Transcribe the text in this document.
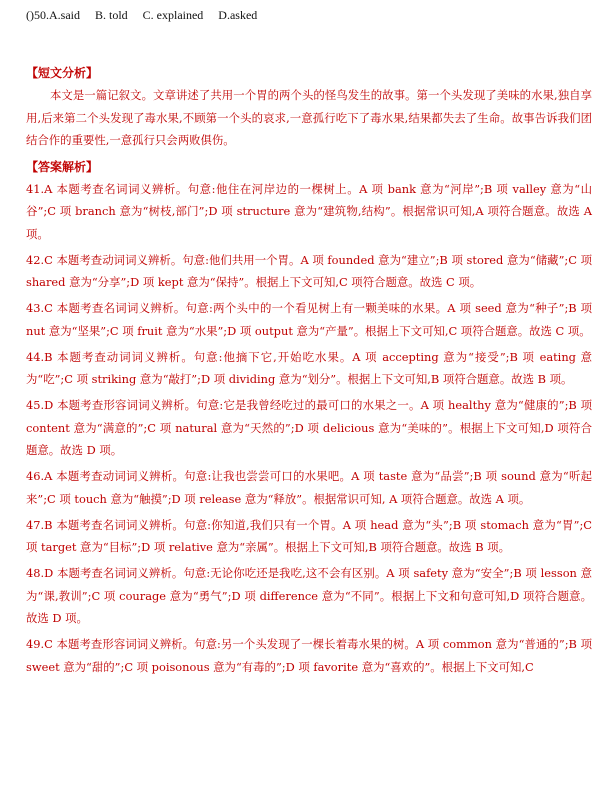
()50.A.said     B. told     C. explained     D.asked
【短文分析】

本文是一篇记叙文。文章讲述了共用一个胃的两个头的怪鸟发生的故事。第一个头发现了美味的水果,独自享用,后来第二个头发现了毒水果,不顾第一个头的哀求,一意孤行吃下了毒水果,结果都失去了生命。故事告诉我们团结合作的重要性,一意孤行只会两败俱伤。

【答案解析】

41.A 本题考查名词词义辨析。句意:他住在河岸边的一棵树上。A 项 bank 意为“河岸”;B 项 valley 意为“山谷”;C 项 branch 意为“树枝,部门”;D 项 structure 意为“建筑物,结构”。根据常识可知,A 项符合题意。故选 A 项。

42.C 本题考查动词词义辨析。句意:他们共用一个胃。A 项 founded 意为“建立”;B 项 stored 意为“储藏”;C 项 shared 意为“分享”;D 项 kept 意为“保持”。根据上下文可知,C 项符合题意。故选 C 项。

43.C 本题考查名词词义辨析。句意:两个头中的一个看见树上有一颗美味的水果。A 项 seed 意为“种子”;B 项 nut 意为“坚果”;C 项 fruit 意为“水果”;D 项 output 意为“产量”。根据上下文可知,C 项符合题意。故选 C 项。

44.B 本题考查动词词义辨析。句意:他摘下它,开始吃水果。A 项 accepting 意为“接受”;B 项 eating 意为“吃”;C 项 striking 意为“敲打”;D 项 dividing 意为“划分”。根据上下文可知,B 项符合题意。故选 B 项。

45.D 本题考查形容词词义辨析。句意:它是我曾经吃过的最可口的水果之一。A 项 healthy 意为“健康的”;B 项 content 意为“满意的”;C 项 natural 意为“天然的”;D 项 delicious 意为“美味的”。根据上下文可知,D 项符合题意。故选 D 项。

46.A 本题考查动词词义辨析。句意:让我也尝尝可口的水果吧。A 项 taste 意为“品尝”;B 项 sound 意为“听起来”;C 项 touch 意为“触摸”;D 项 release 意为“释放”。根据常识可知, A 项符合题意。故选 A 项。

47.B 本题考查名词词义辨析。句意:你知道,我们只有一个胃。A 项 head 意为“头”;B 项 stomach 意为“胃”;C 项 target 意为“目标”;D 项 relative 意为“亲属”。根据上下文可知,B 项符合题意。故选 B 项。

48.D 本题考查名词词义辨析。句意:无论你吃还是我吃,这不会有区别。A 项 safety 意为“安全”;B 项 lesson 意为“课,教训”;C 项 courage 意为“勇气”;D 项 difference 意为“不同”。根据上下文和句意可知,D 项符合题意。故选 D 项。

49.C 本题考查形容词词义辨析。句意:另一个头发现了一棵长着毒水果的树。A 项 common 意为“普通的”;B 项 sweet 意为“甜的”;C 项 poisonous 意为“有毒的”;D 项 favorite 意为“喜欢的”。根据上下文可知,C
